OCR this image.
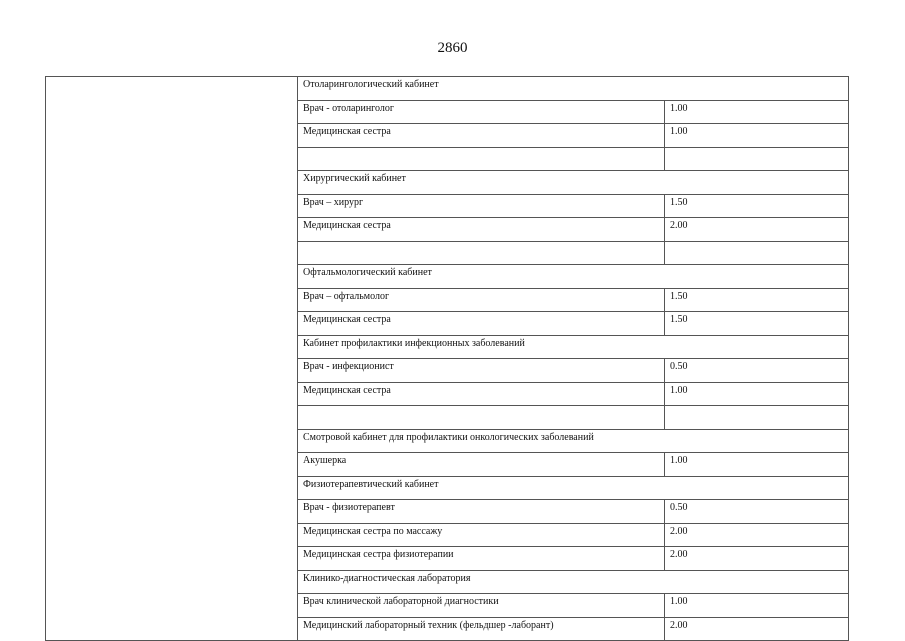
2860
	Отоларингологический кабинет	
	Врач - отоларинголог	1.00
	Медицинская сестра	1.00

	Хирургический кабинет	
	Врач – хирург	1.50
	Медицинская сестра	2.00

	Офтальмологический кабинет	
	Врач – офтальмолог	1.50
	Медицинская сестра	1.50
	Кабинет профилактики инфекционных заболеваний	
	Врач - инфекционист	0.50
	Медицинская сестра	1.00

	Смотровой кабинет для профилактики онкологических заболеваний	
	Акушерка	1.00
	Физиотерапевтический кабинет	
	Врач - физиотерапевт	0.50
	Медицинская сестра по массажу	2.00
	Медицинская сестра физиотерапии	2.00
	Клинико-диагностическая лаборатория	
	Врач клинической лабораторной диагностики	1.00
	Медицинский лабораторный техник (фельдшер -лаборант)	2.00
